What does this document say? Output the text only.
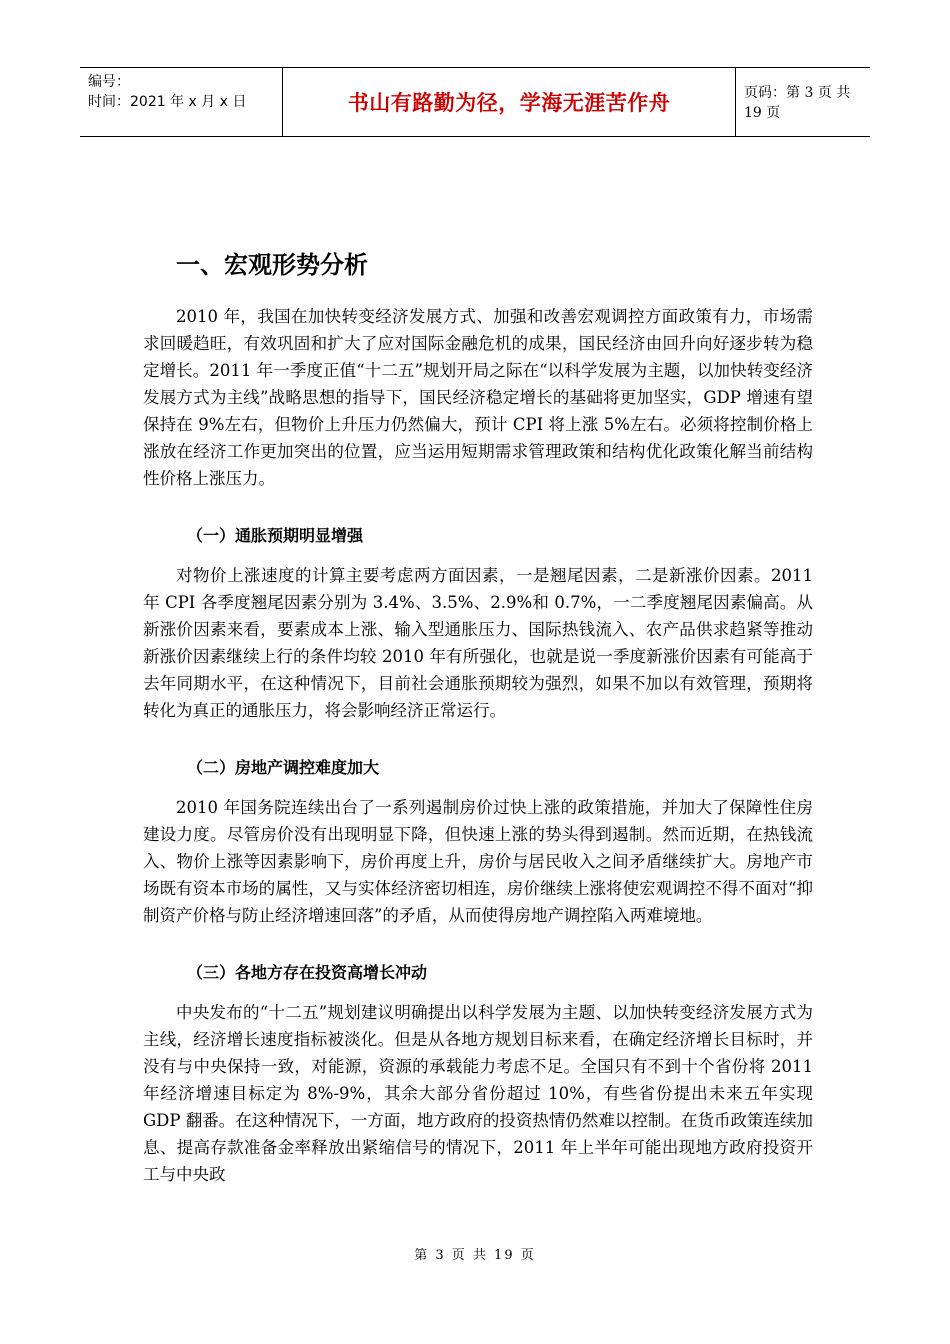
编号：
时间：2021 年 x 月 x 日	书山有路勤为径，学海无涯苦作舟	页码：第 3 页 共 19 页
一、宏观形势分析

2010 年，我国在加快转变经济发展方式、加强和改善宏观调控方面政策有力，市场需求回暖趋旺，有效巩固和扩大了应对国际金融危机的成果，国民经济由回升向好逐步转为稳定增长。2011 年一季度正值“十二五”规划开局之际在“以科学发展为主题，以加快转变经济发展方式为主线”战略思想的指导下，国民经济稳定增长的基础将更加坚实，GDP 增速有望保持在 9%左右，但物价上升压力仍然偏大，预计 CPI 将上涨 5%左右。必须将控制价格上涨放在经济工作更加突出的位置，应当运用短期需求管理政策和结构优化政策化解当前结构性价格上涨压力。

（一）通胀预期明显增强

对物价上涨速度的计算主要考虑两方面因素，一是翘尾因素，二是新涨价因素。2011 年 CPI 各季度翘尾因素分别为 3.4%、3.5%、2.9%和 0.7%，一二季度翘尾因素偏高。从新涨价因素来看，要素成本上涨、输入型通胀压力、国际热钱流入、农产品供求趋紧等推动新涨价因素继续上行的条件均较 2010 年有所强化，也就是说一季度新涨价因素有可能高于去年同期水平，在这种情况下，目前社会通胀预期较为强烈，如果不加以有效管理，预期将转化为真正的通胀压力，将会影响经济正常运行。

（二）房地产调控难度加大

2010 年国务院连续出台了一系列遏制房价过快上涨的政策措施，并加大了保障性住房建设力度。尽管房价没有出现明显下降，但快速上涨的势头得到遏制。然而近期，在热钱流入、物价上涨等因素影响下，房价再度上升，房价与居民收入之间矛盾继续扩大。房地产市场既有资本市场的属性，又与实体经济密切相连，房价继续上涨将使宏观调控不得不面对“抑制资产价格与防止经济增速回落”的矛盾，从而使得房地产调控陷入两难境地。

（三）各地方存在投资高增长冲动

中央发布的“十二五”规划建议明确提出以科学发展为主题、以加快转变经济发展方式为主线，经济增长速度指标被淡化。但是从各地方规划目标来看，在确定经济增长目标时，并没有与中央保持一致，对能源，资源的承载能力考虑不足。全国只有不到十个省份将 2011 年经济增速目标定为 8%-9%，其余大部分省份超过 10%，有些省份提出未来五年实现 GDP 翻番。在这种情况下，一方面，地方政府的投资热情仍然难以控制。在货币政策连续加息、提高存款准备金率释放出紧缩信号的情况下，2011 年上半年可能出现地方政府投资开工与中央政

第 3 页 共 19 页
